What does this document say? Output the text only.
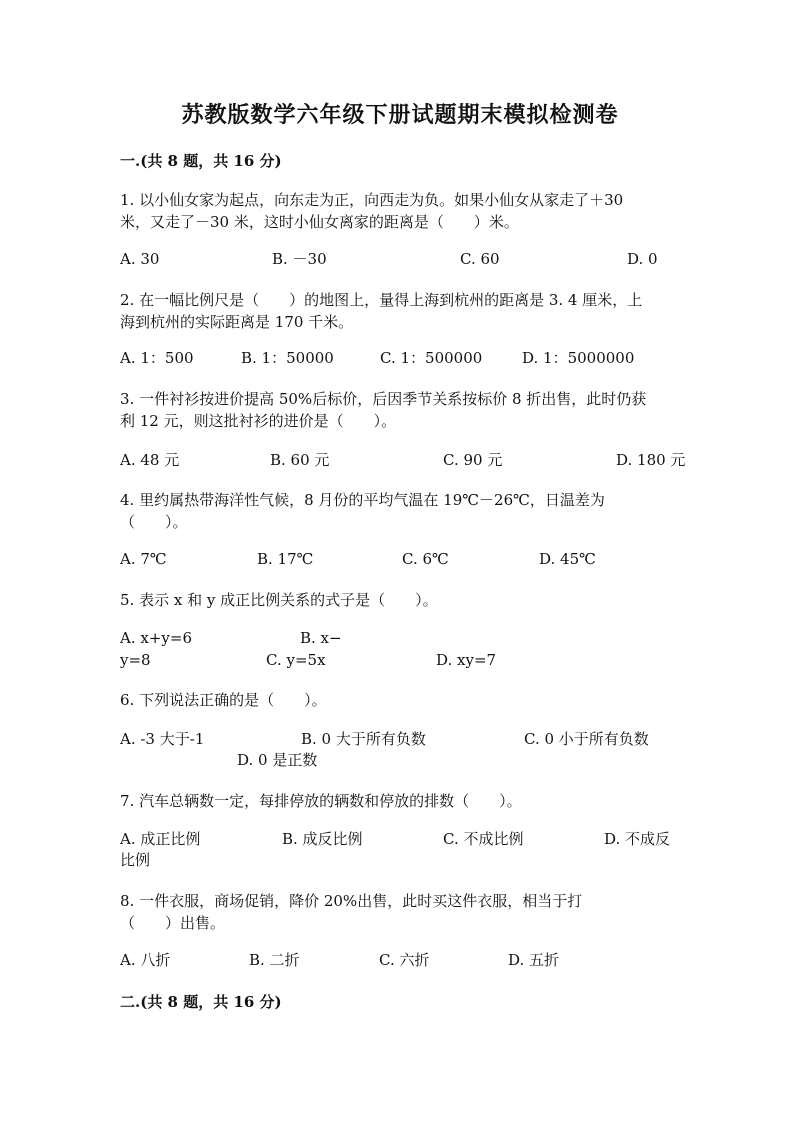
苏教版数学六年级下册试题期末模拟检测卷
一.(共 8 题，共 16 分)
1. 以小仙女家为起点，向东走为正，向西走为负。如果小仙女从家走了＋30
米，又走了－30 米，这时小仙女离家的距离是（　　）米。
A. 30	B. －30	C. 60	D. 0
2. 在一幅比例尺是（　　）的地图上，量得上海到杭州的距离是 3. 4 厘米，上
海到杭州的实际距离是 170 千米。
A. 1：500	B. 1：50000	C. 1：500000	D. 1：5000000
3. 一件衬衫按进价提高 50%后标价，后因季节关系按标价 8 折出售，此时仍获
利 12 元，则这批衬衫的进价是（　　）。
A. 48 元	B. 60 元	C. 90 元	D. 180 元
4. 里约属热带海洋性气候，8 月份的平均气温在 19℃－26℃，日温差为
（　　）。
A. 7℃	B. 17℃	C. 6℃	D. 45℃
5. 表示 x 和 y 成正比例关系的式子是（　　）。
A. x+y=6	B. x−
y=8	C. y=5x	D. xy=7
6. 下列说法正确的是（　　）。
A. -3 大于-1	B. 0 大于所有负数	C. 0 小于所有负数
D. 0 是正数
7. 汽车总辆数一定，每排停放的辆数和停放的排数（　　）。
A. 成正比例	B. 成反比例	C. 不成比例	D. 不成反
比例
8. 一件衣服，商场促销，降价 20%出售，此时买这件衣服，相当于打
（　　）出售。
A. 八折	B. 二折	C. 六折	D. 五折
二.(共 8 题，共 16 分)
